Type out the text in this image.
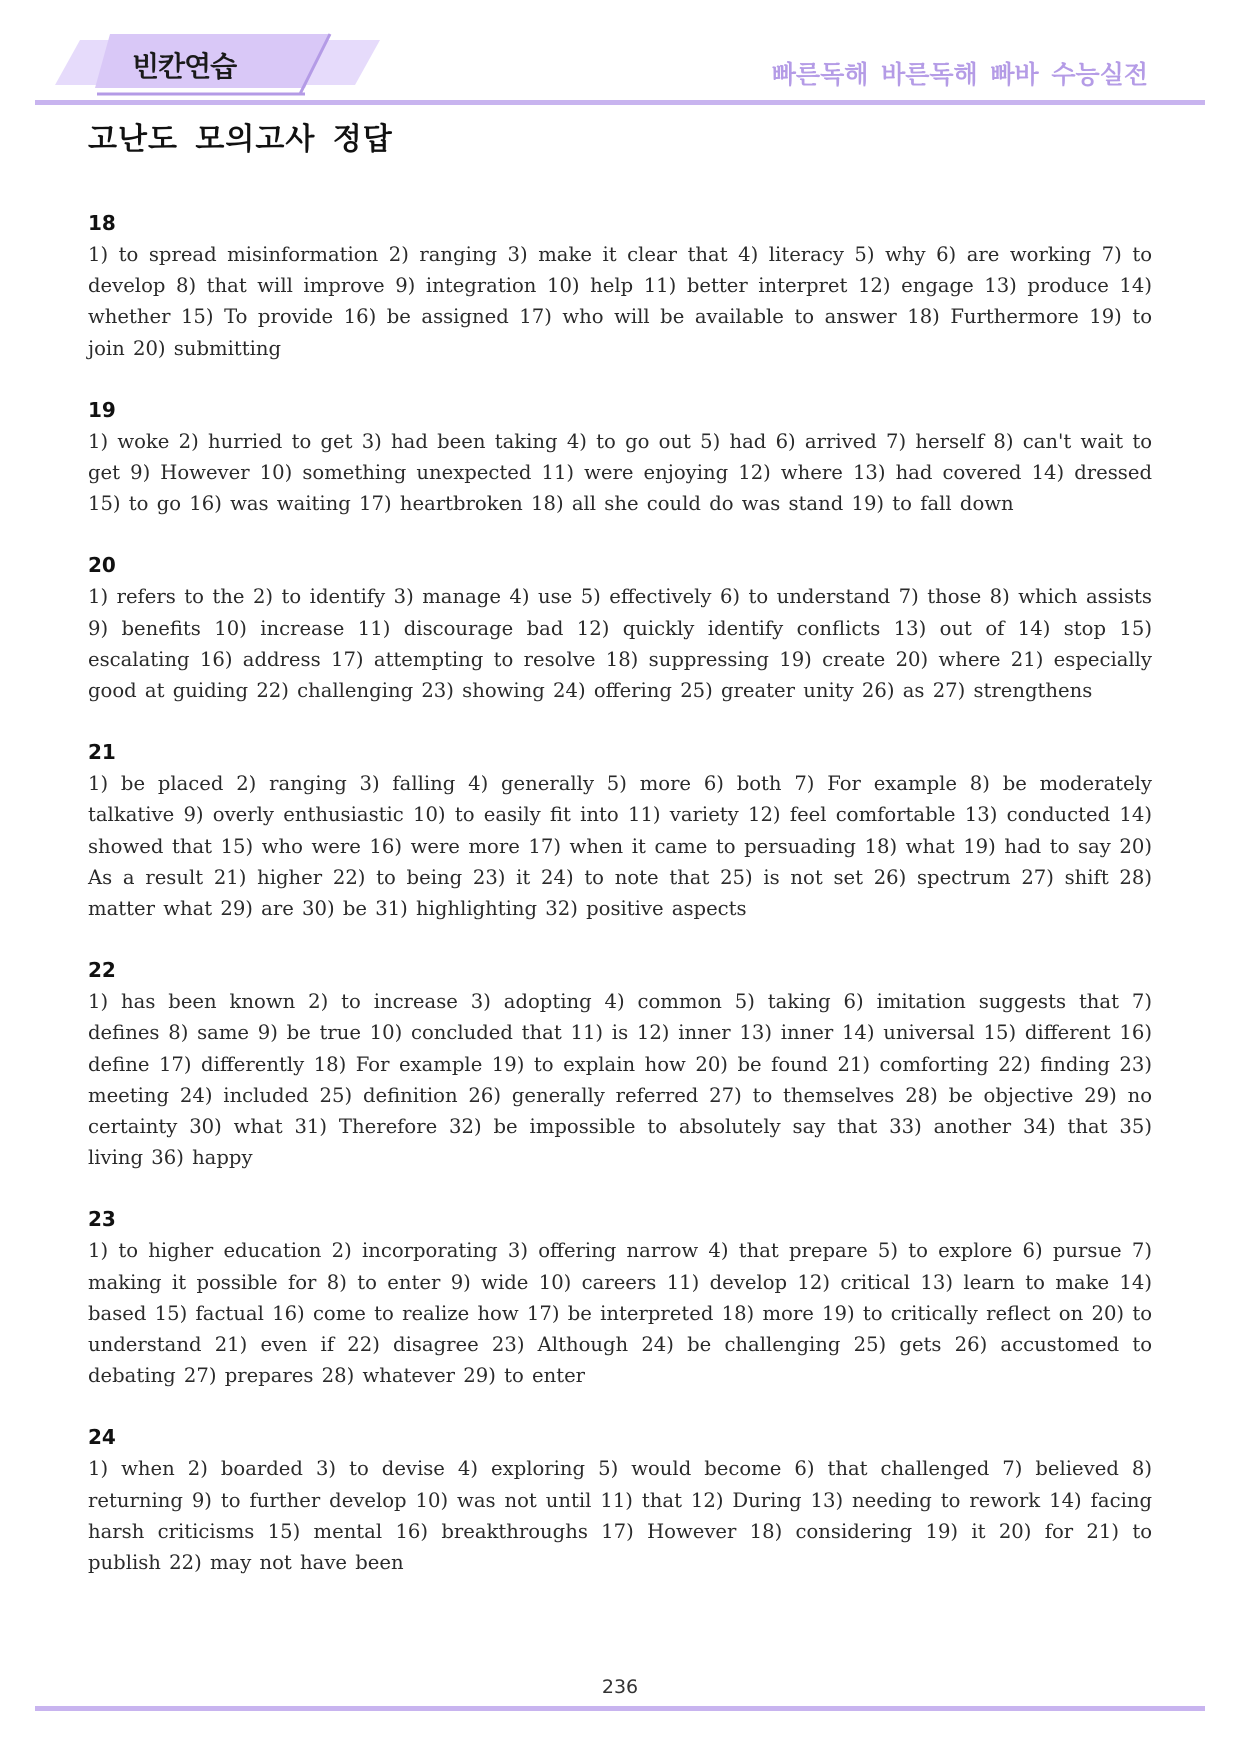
빈칸연습	빠른독해 바른독해 빠바 수능실전
고난도 모의고사 정답
18

1) to spread misinformation 2) ranging 3) make it clear that 4) literacy 5) why 6) are working 7) to develop 8) that will improve 9) integration 10) help 11) better interpret 12) engage 13) produce 14) whether 15) To provide 16) be assigned 17) who will be available to answer 18) Furthermore 19) to join 20) submitting

19

1) woke 2) hurried to get 3) had been taking 4) to go out 5) had 6) arrived 7) herself 8) can't wait to get 9) However 10) something unexpected 11) were enjoying 12) where 13) had covered 14) dressed 15) to go 16) was waiting 17) heartbroken 18) all she could do was stand 19) to fall down

20

1) refers to the 2) to identify 3) manage 4) use 5) effectively 6) to understand 7) those 8) which assists 9) benefits 10) increase 11) discourage bad 12) quickly identify conflicts 13) out of 14) stop 15) escalating 16) address 17) attempting to resolve 18) suppressing 19) create 20) where 21) especially good at guiding 22) challenging 23) showing 24) offering 25) greater unity 26) as 27) strengthens

21

1) be placed 2) ranging 3) falling 4) generally 5) more 6) both 7) For example 8) be moderately talkative 9) overly enthusiastic 10) to easily fit into 11) variety 12) feel comfortable 13) conducted 14) showed that 15) who were 16) were more 17) when it came to persuading 18) what 19) had to say 20) As a result 21) higher 22) to being 23) it 24) to note that 25) is not set 26) spectrum 27) shift 28) matter what 29) are 30) be 31) highlighting 32) positive aspects

22

1) has been known 2) to increase 3) adopting 4) common 5) taking 6) imitation suggests that 7) defines 8) same 9) be true 10) concluded that 11) is 12) inner 13) inner 14) universal 15) different 16) define 17) differently 18) For example 19) to explain how 20) be found 21) comforting 22) finding 23) meeting 24) included 25) definition 26) generally referred 27) to themselves 28) be objective 29) no certainty 30) what 31) Therefore 32) be impossible to absolutely say that 33) another 34) that 35) living 36) happy

23

1) to higher education 2) incorporating 3) offering narrow 4) that prepare 5) to explore 6) pursue 7) making it possible for 8) to enter 9) wide 10) careers 11) develop 12) critical 13) learn to make 14) based 15) factual 16) come to realize how 17) be interpreted 18) more 19) to critically reflect on 20) to understand 21) even if 22) disagree 23) Although 24) be challenging 25) gets 26) accustomed to debating 27) prepares 28) whatever 29) to enter

24

1) when 2) boarded 3) to devise 4) exploring 5) would become 6) that challenged 7) believed 8) returning 9) to further develop 10) was not until 11) that 12) During 13) needing to rework 14) facing harsh criticisms 15) mental 16) breakthroughs 17) However 18) considering 19) it 20) for 21) to publish 22) may not have been

236
